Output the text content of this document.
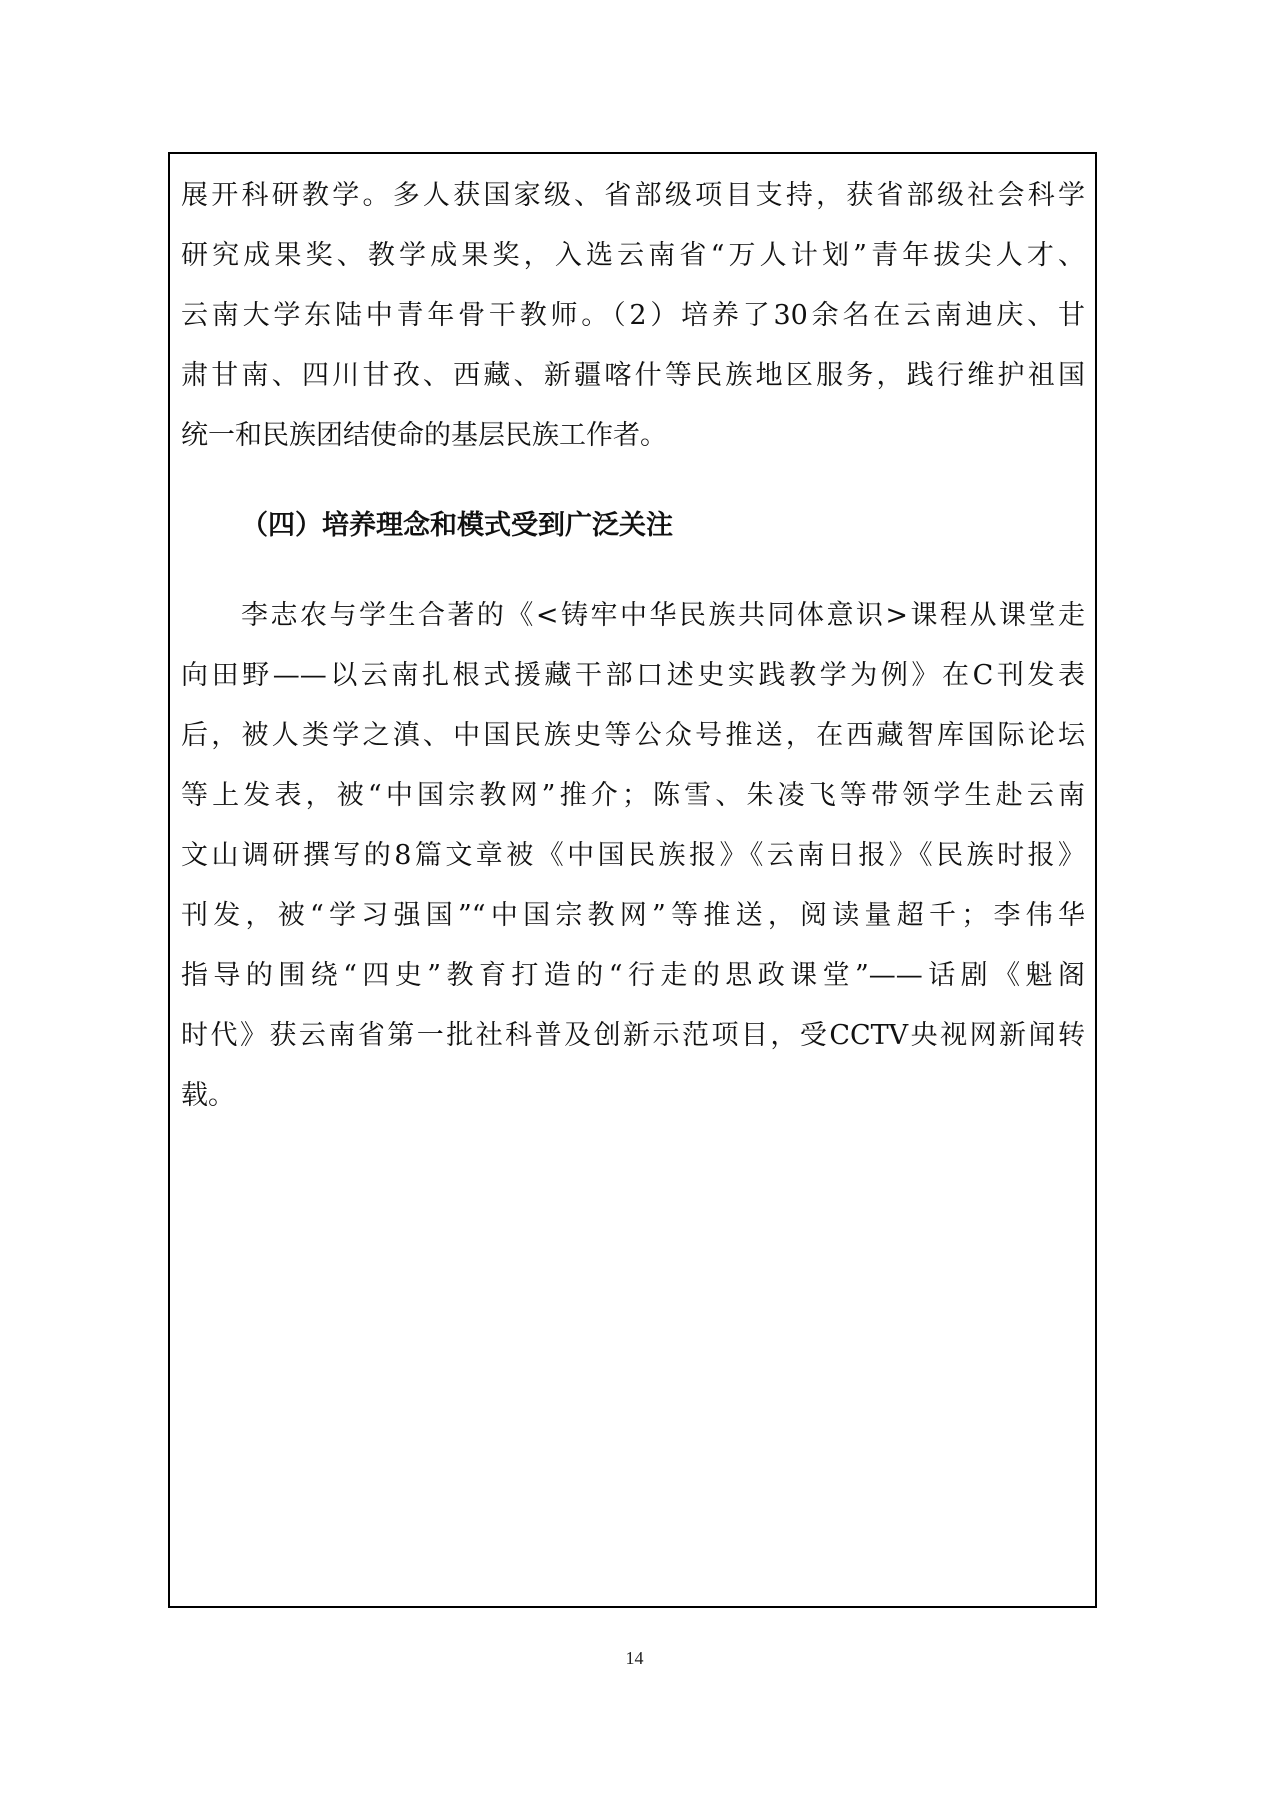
展开科研教学。多人获国家级、省部级项目支持，获省部级社会科学
研究成果奖、教学成果奖，入选云南省“万人计划”青年拔尖人才、
云南大学东陆中青年骨干教师。（2）培养了30余名在云南迪庆、甘
肃甘南、四川甘孜、西藏、新疆喀什等民族地区服务，践行维护祖国
统一和民族团结使命的基层民族工作者。
（四）培养理念和模式受到广泛关注
李志农与学生合著的《<铸牢中华民族共同体意识>课程从课堂走
向田野——以云南扎根式援藏干部口述史实践教学为例》在C刊发表
后，被人类学之滇、中国民族史等公众号推送，在西藏智库国际论坛
等上发表，被“中国宗教网”推介；陈雪、朱凌飞等带领学生赴云南
文山调研撰写的8篇文章被《中国民族报》《云南日报》《民族时报》
刊发，被“学习强国”“中国宗教网”等推送，阅读量超千；李伟华
指导的围绕“四史”教育打造的“行走的思政课堂”——话剧《魁阁
时代》获云南省第一批社科普及创新示范项目，受CCTV央视网新闻转
载。
14
